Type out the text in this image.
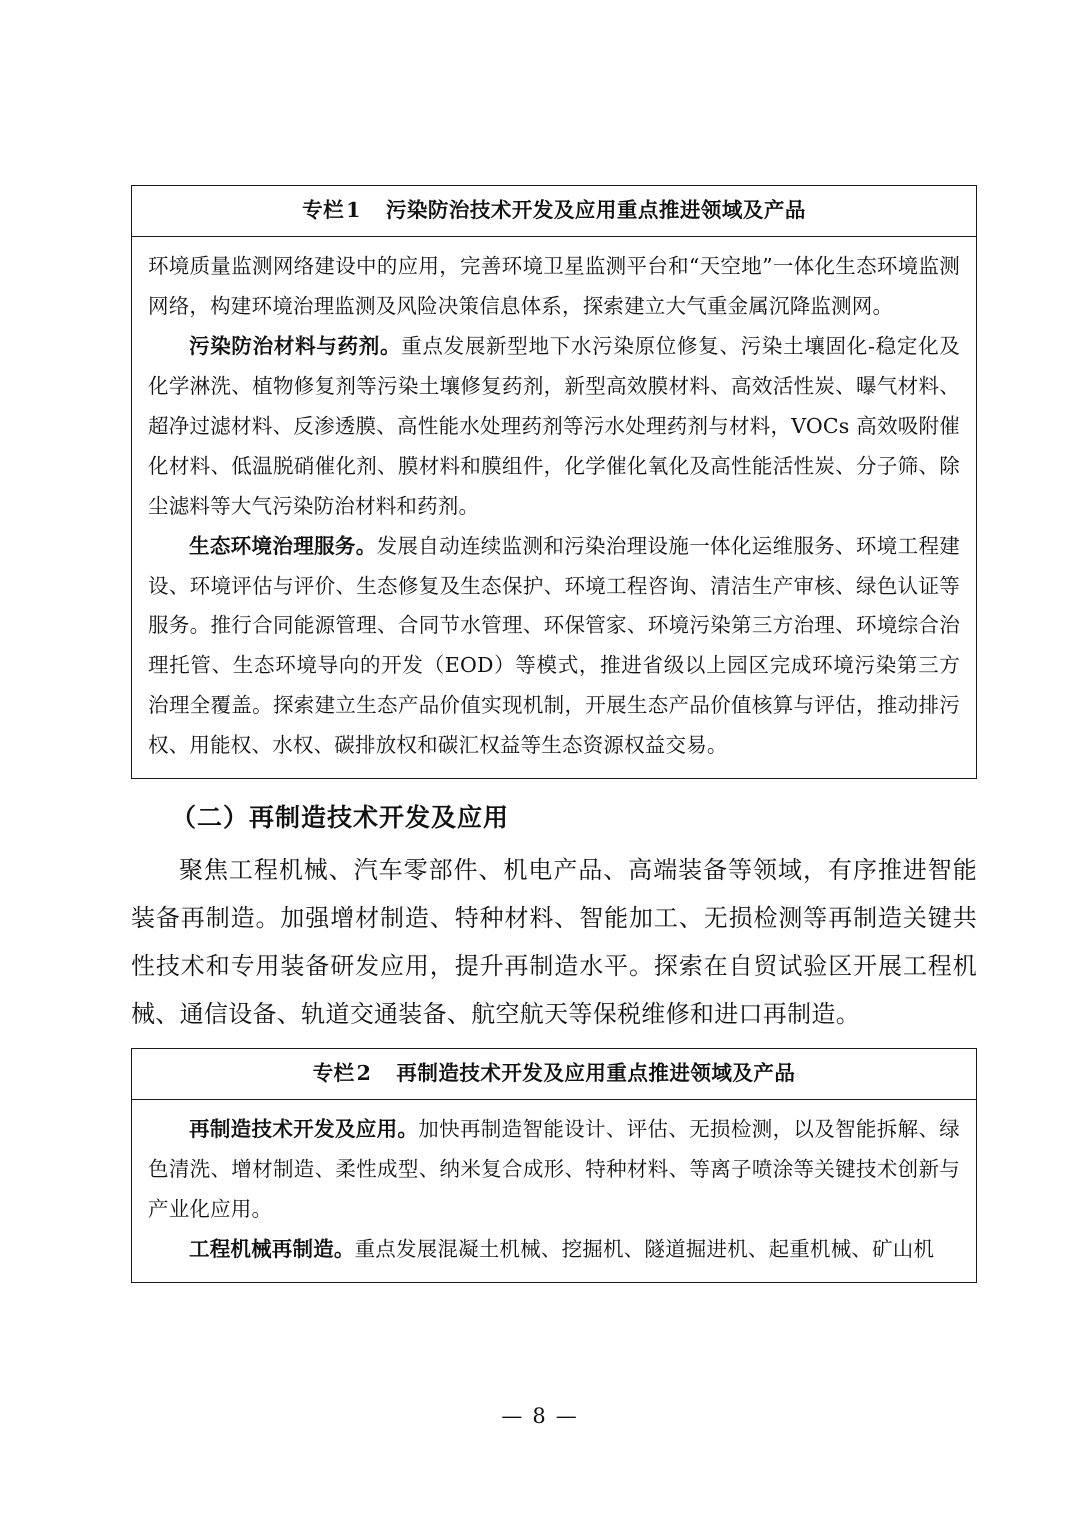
专栏1 污染防治技术开发及应用重点推进领域及产品

环境质量监测网络建设中的应用，完善环境卫星监测平台和“天空地”一体化生态环境监测网络，构建环境治理监测及风险决策信息体系，探索建立大气重金属沉降监测网。

污染防治材料与药剂。重点发展新型地下水污染原位修复、污染土壤固化-稳定化及化学淋洗、植物修复剂等污染土壤修复药剂，新型高效膜材料、高效活性炭、曝气材料、超净过滤材料、反渗透膜、高性能水处理药剂等污水处理药剂与材料，VOCs 高效吸附催化材料、低温脱硝催化剂、膜材料和膜组件，化学催化氧化及高性能活性炭、分子筛、除尘滤料等大气污染防治材料和药剂。

生态环境治理服务。发展自动连续监测和污染治理设施一体化运维服务、环境工程建设、环境评估与评价、生态修复及生态保护、环境工程咨询、清洁生产审核、绿色认证等服务。推行合同能源管理、合同节水管理、环保管家、环境污染第三方治理、环境综合治理托管、生态环境导向的开发（EOD）等模式，推进省级以上园区完成环境污染第三方治理全覆盖。探索建立生态产品价值实现机制，开展生态产品价值核算与评估，推动排污权、用能权、水权、碳排放权和碳汇权益等生态资源权益交易。

（二）再制造技术开发及应用
聚焦工程机械、汽车零部件、机电产品、高端装备等领域，有序推进智能装备再制造。加强增材制造、特种材料、智能加工、无损检测等再制造关键共性技术和专用装备研发应用，提升再制造水平。探索在自贸试验区开展工程机械、通信设备、轨道交通装备、航空航天等保税维修和进口再制造。
专栏2 再制造技术开发及应用重点推进领域及产品

再制造技术开发及应用。加快再制造智能设计、评估、无损检测，以及智能拆解、绿色清洗、增材制造、柔性成型、纳米复合成形、特种材料、等离子喷涂等关键技术创新与产业化应用。

工程机械再制造。重点发展混凝土机械、挖掘机、隧道掘进机、起重机械、矿山机

— 8 —
